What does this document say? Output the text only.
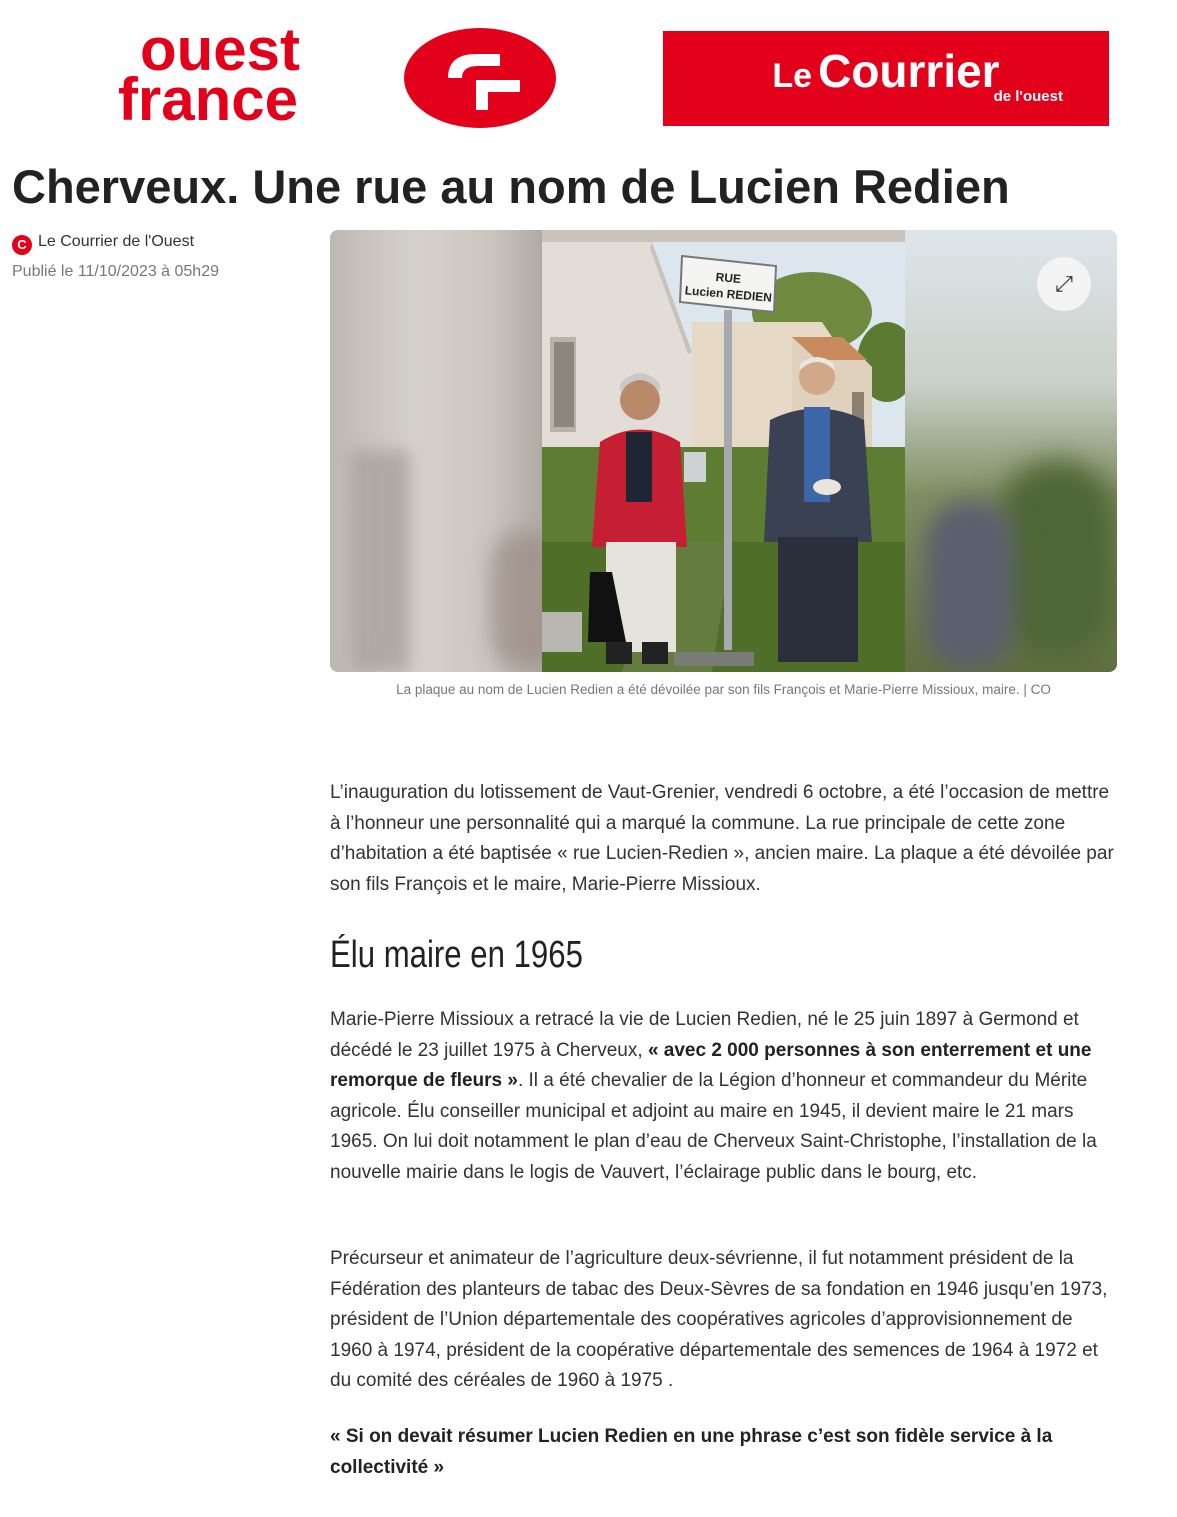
ouest
france	Le Courrier
de l'ouest
Cherveux. Une rue au nom de Lucien Redien
C Le Courrier de l'Ouest
Publié le 11/10/2023 à 05h29	RUE
Lucien REDIEN	⤢
La plaque au nom de Lucien Redien a été dévoilée par son fils François et Marie-Pierre Missioux, maire. | CO

L’inauguration du lotissement de Vaut-Grenier, vendredi 6 octobre, a été l’occasion de mettre à l’honneur une personnalité qui a marqué la commune. La rue principale de cette zone d’habitation a été baptisée « rue Lucien-Redien », ancien maire. La plaque a été dévoilée par son fils François et le maire, Marie-Pierre Missioux.

Élu maire en 1965

Marie-Pierre Missioux a retracé la vie de Lucien Redien, né le 25 juin 1897 à Germond et décédé le 23 juillet 1975 à Cherveux, « avec 2 000 personnes à son enterrement et une remorque de fleurs ». Il a été chevalier de la Légion d’honneur et commandeur du Mérite agricole. Élu conseiller municipal et adjoint au maire en 1945, il devient maire le 21 mars 1965. On lui doit notamment le plan d’eau de Cherveux Saint-Christophe, l’installation de la nouvelle mairie dans le logis de Vauvert, l’éclairage public dans le bourg, etc.

Précurseur et animateur de l’agriculture deux-sévrienne, il fut notamment président de la Fédération des planteurs de tabac des Deux-Sèvres de sa fondation en 1946 jusqu’en 1973, président de l’Union départementale des coopératives agricoles d’approvisionnement de 1960 à 1974, président de la coopérative départementale des semences de 1964 à 1972 et du comité des céréales de 1960 à 1975 .

« Si on devait résumer Lucien Redien en une phrase c’est son fidèle service à la collectivité »
